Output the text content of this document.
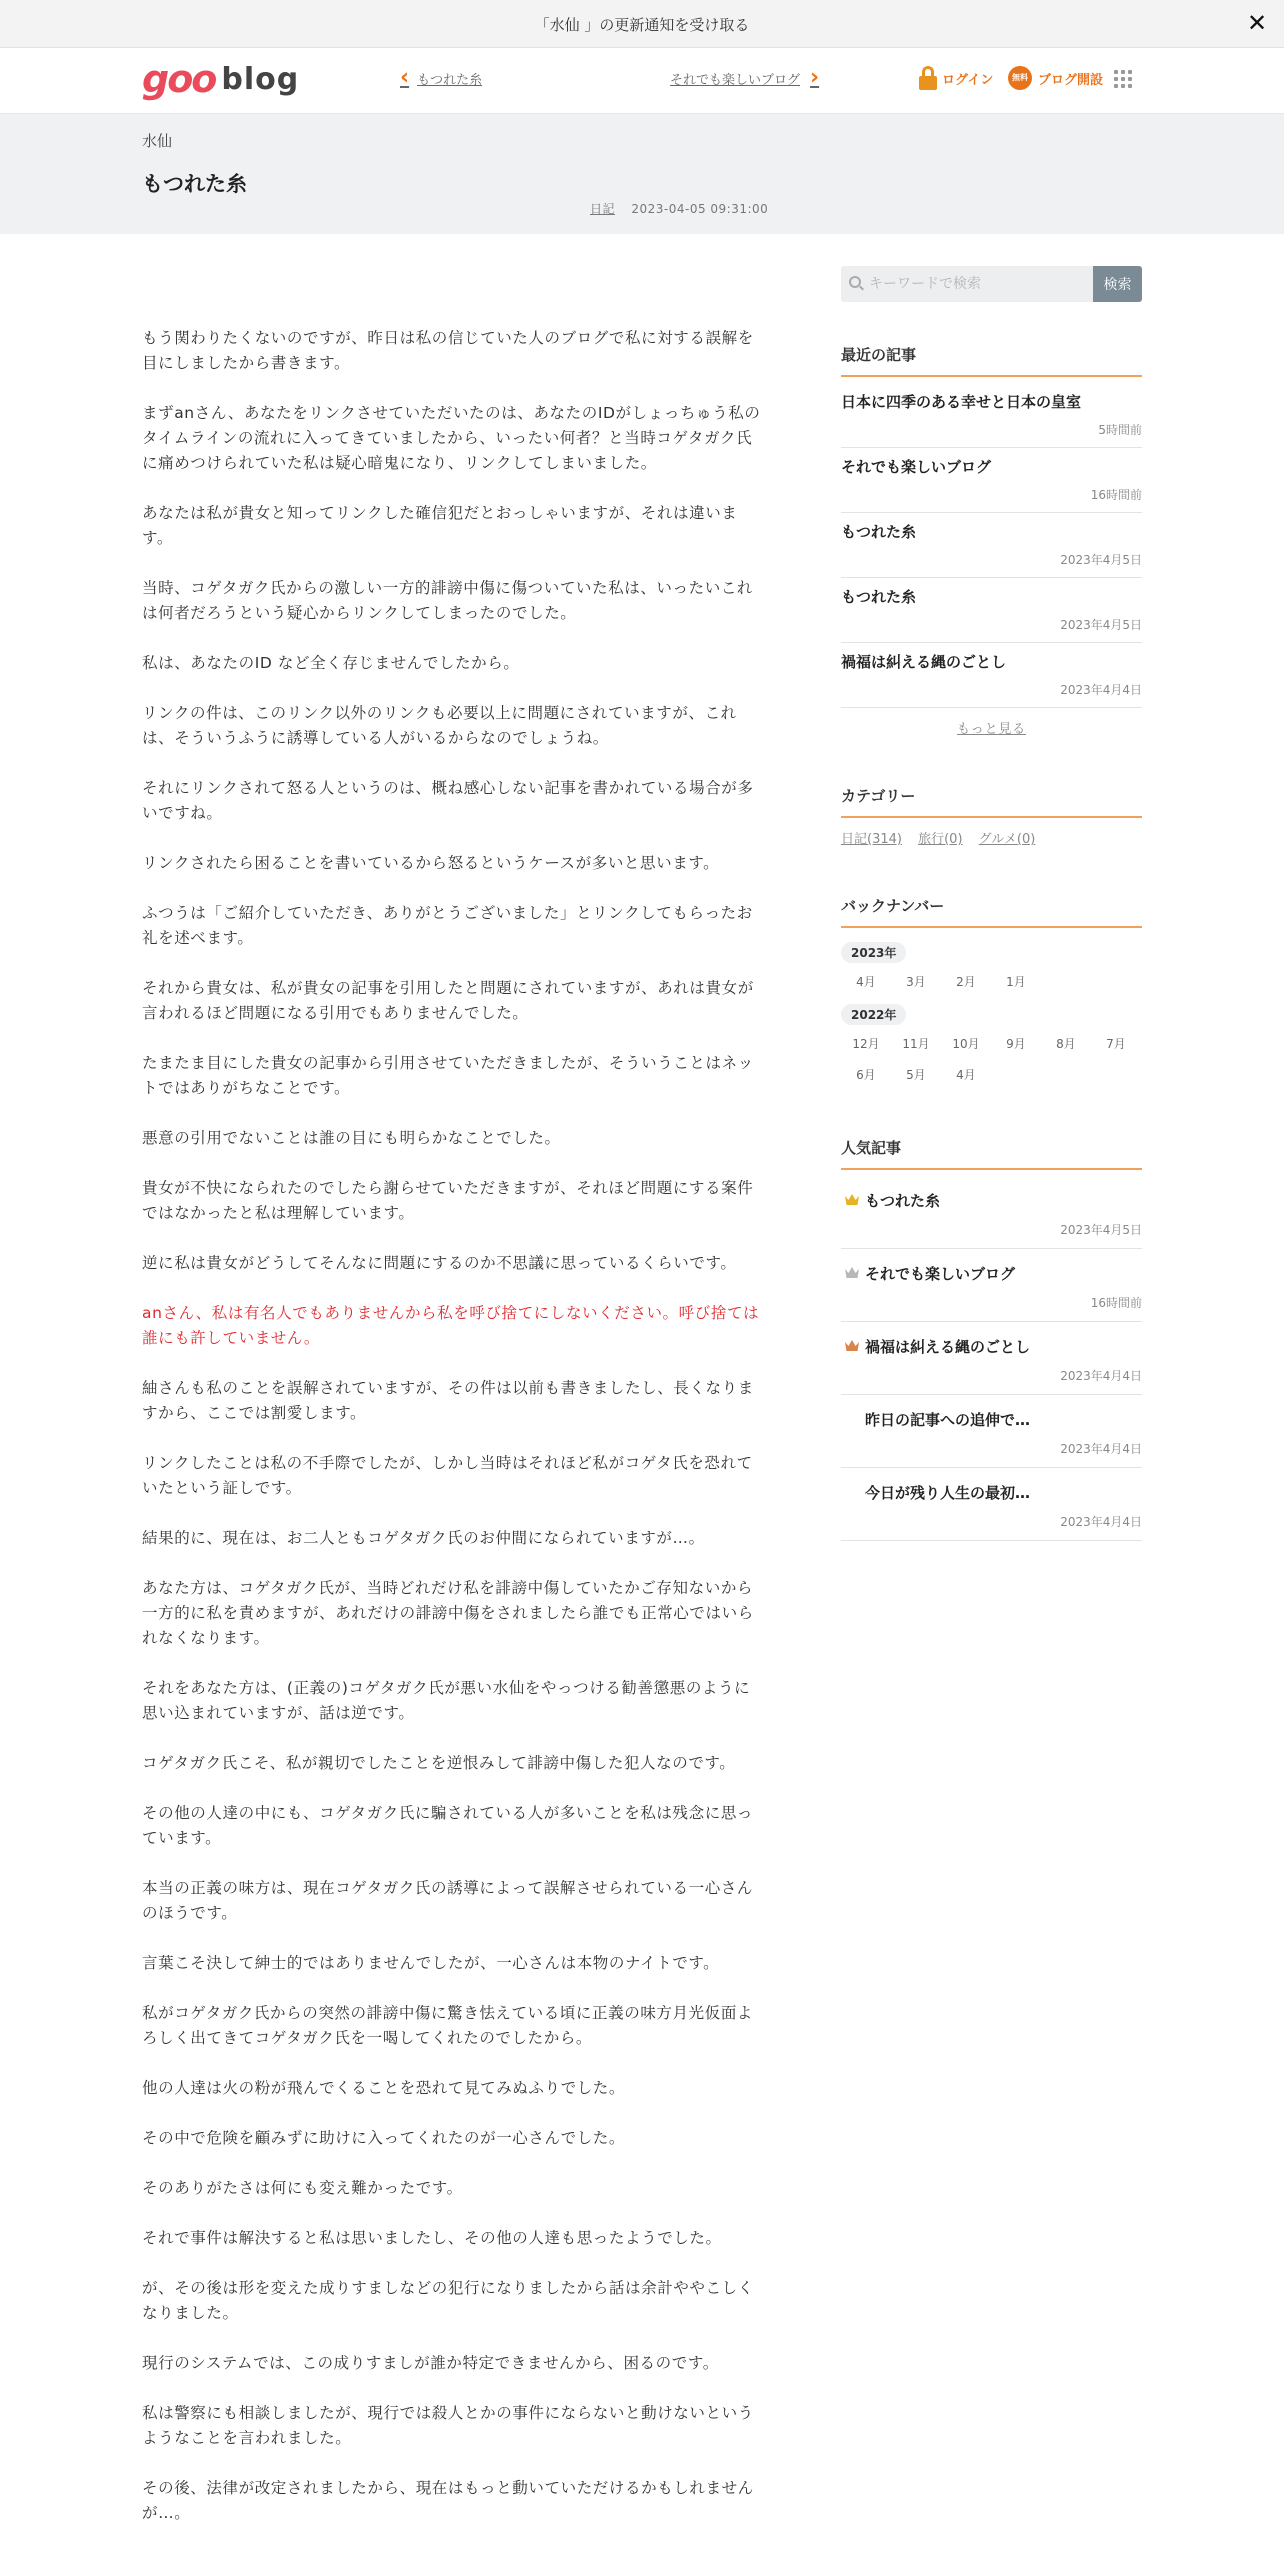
「水仙 」の更新通知を受け取る	✕
goo blog	‹ もつれた糸	それでも楽しいブログ ›	ログイン	無料 ブログ開設
水仙
もつれた糸
日記 2023-04-05 09:31:00

もう関わりたくないのですが、昨日は私の信じていた人のブログで私に対する誤解を目にしましたから書きます。

まずanさん、あなたをリンクさせていただいたのは、あなたのIDがしょっちゅう私のタイムラインの流れに入ってきていましたから、いったい何者？と当時コゲタガク氏に痛めつけられていた私は疑心暗鬼になり、リンクしてしまいました。

あなたは私が貴女と知ってリンクした確信犯だとおっしゃいますが、それは違います。

当時、コゲタガク氏からの激しい一方的誹謗中傷に傷ついていた私は、いったいこれは何者だろうという疑心からリンクしてしまったのでした。

私は、あなたのID など全く存じませんでしたから。

リンクの件は、このリンク以外のリンクも必要以上に問題にされていますが、これは、そういうふうに誘導している人がいるからなのでしょうね。

それにリンクされて怒る人というのは、概ね感心しない記事を書かれている場合が多いですね。

リンクされたら困ることを書いているから怒るというケースが多いと思います。

ふつうは「ご紹介していただき、ありがとうございました」とリンクしてもらったお礼を述べます。

それから貴女は、私が貴女の記事を引用したと問題にされていますが、あれは貴女が言われるほど問題になる引用でもありませんでした。

たまたま目にした貴女の記事から引用させていただきましたが、そういうことはネットではありがちなことです。

悪意の引用でないことは誰の目にも明らかなことでした。

貴女が不快になられたのでしたら謝らせていただきますが、それほど問題にする案件ではなかったと私は理解しています。

逆に私は貴女がどうしてそんなに問題にするのか不思議に思っているくらいです。

anさん、私は有名人でもありませんから私を呼び捨てにしないください。呼び捨ては誰にも許していません。

紬さんも私のことを誤解されていますが、その件は以前も書きましたし、長くなりますから、ここでは割愛します。

リンクしたことは私の不手際でしたが、しかし当時はそれほど私がコゲタ氏を恐れていたという証しです。

結果的に、現在は、お二人ともコゲタガク氏のお仲間になられていますが…。

あなた方は、コゲタガク氏が、当時どれだけ私を誹謗中傷していたかご存知ないから一方的に私を責めますが、あれだけの誹謗中傷をされましたら誰でも正常心ではいられなくなります。

それをあなた方は、(正義の)コゲタガク氏が悪い水仙をやっつける勧善懲悪のように思い込まれていますが、話は逆です。

コゲタガク氏こそ、私が親切でしたことを逆恨みして誹謗中傷した犯人なのです。

その他の人達の中にも、コゲタガク氏に騙されている人が多いことを私は残念に思っています。

本当の正義の味方は、現在コゲタガク氏の誘導によって誤解させられている一心さんのほうです。

言葉こそ決して紳士的ではありませんでしたが、一心さんは本物のナイトです。

私がコゲタガク氏からの突然の誹謗中傷に驚き怯えている頃に正義の味方月光仮面よろしく出てきてコゲタガク氏を一喝してくれたのでしたから。

他の人達は火の粉が飛んでくることを恐れて見てみぬふりでした。

その中で危険を顧みずに助けに入ってくれたのが一心さんでした。

そのありがたさは何にも変え難かったです。

それで事件は解決すると私は思いましたし、その他の人達も思ったようでした。

が、その後は形を変えた成りすましなどの犯行になりましたから話は余計ややこしくなりました。

現行のシステムでは、この成りすましが誰か特定できませんから、困るのです。

私は警察にも相談しましたが、現行では殺人とかの事件にならないと動けないというようなことを言われました。

その後、法律が改定されましたから、現在はもっと動いていただけるかもしれませんが…。

キーワードで検索
検索
最近の記事
日本に四季のある幸せと日本の皇室
5時間前
それでも楽しいブログ
16時間前
もつれた糸
2023年4月5日
もつれた糸
2023年4月5日
禍福は糾える縄のごとし
2023年4月4日
もっと見る
カテゴリー
日記(314) 旅行(0) グルメ(0)
バックナンバー
2023年
4月	3月	2月	1月
2022年
12月	11月	10月	9月	8月	7月
6月	5月	4月
人気記事
もつれた糸
2023年4月5日
それでも楽しいブログ
16時間前
禍福は糾える縄のごとし
2023年4月4日
昨日の記事への追伸で…
2023年4月4日
今日が残り人生の最初…
2023年4月4日
